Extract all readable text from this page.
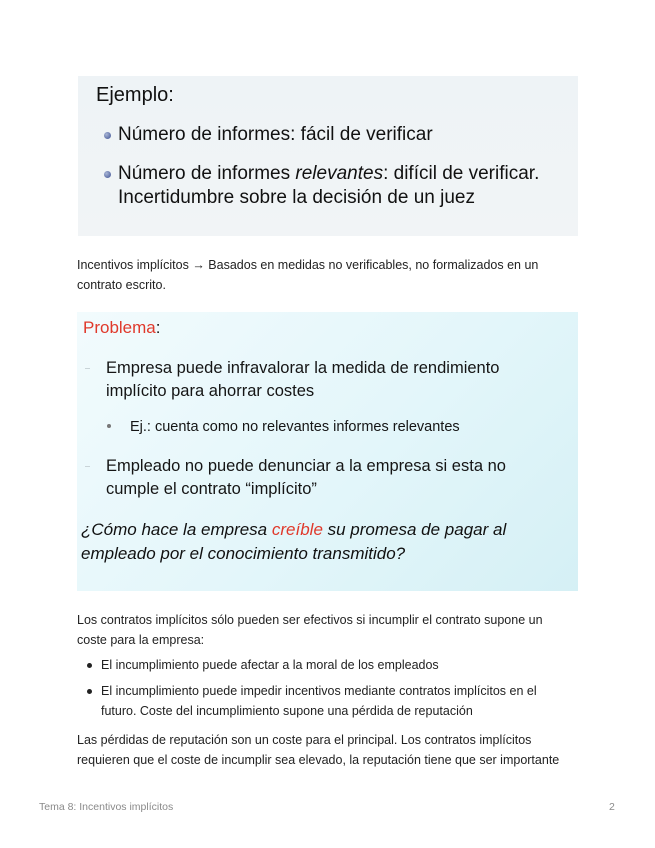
Ejemplo:
Número de informes: fácil de verificar
Número de informes relevantes: difícil de verificar.
Incertidumbre sobre la decisión de un juez
Incentivos implícitos → Basados en medidas no verificables, no formalizados en un
contrato escrito.
Problema:
Empresa puede infravalorar la medida de rendimiento
implícito para ahorrar costes
Ej.: cuenta como no relevantes informes relevantes
Empleado no puede denunciar a la empresa si esta no
cumple el contrato “implícito”
¿Cómo hace la empresa creíble su promesa de pagar al
empleado por el conocimiento transmitido?
Los contratos implícitos sólo pueden ser efectivos si incumplir el contrato supone un
coste para la empresa:
El incumplimiento puede afectar a la moral de los empleados
El incumplimiento puede impedir incentivos mediante contratos implícitos en el
futuro. Coste del incumplimiento supone una pérdida de reputación
Las pérdidas de reputación son un coste para el principal. Los contratos implícitos
requieren que el coste de incumplir sea elevado, la reputación tiene que ser importante
Tema 8: Incentivos implícitos	2
